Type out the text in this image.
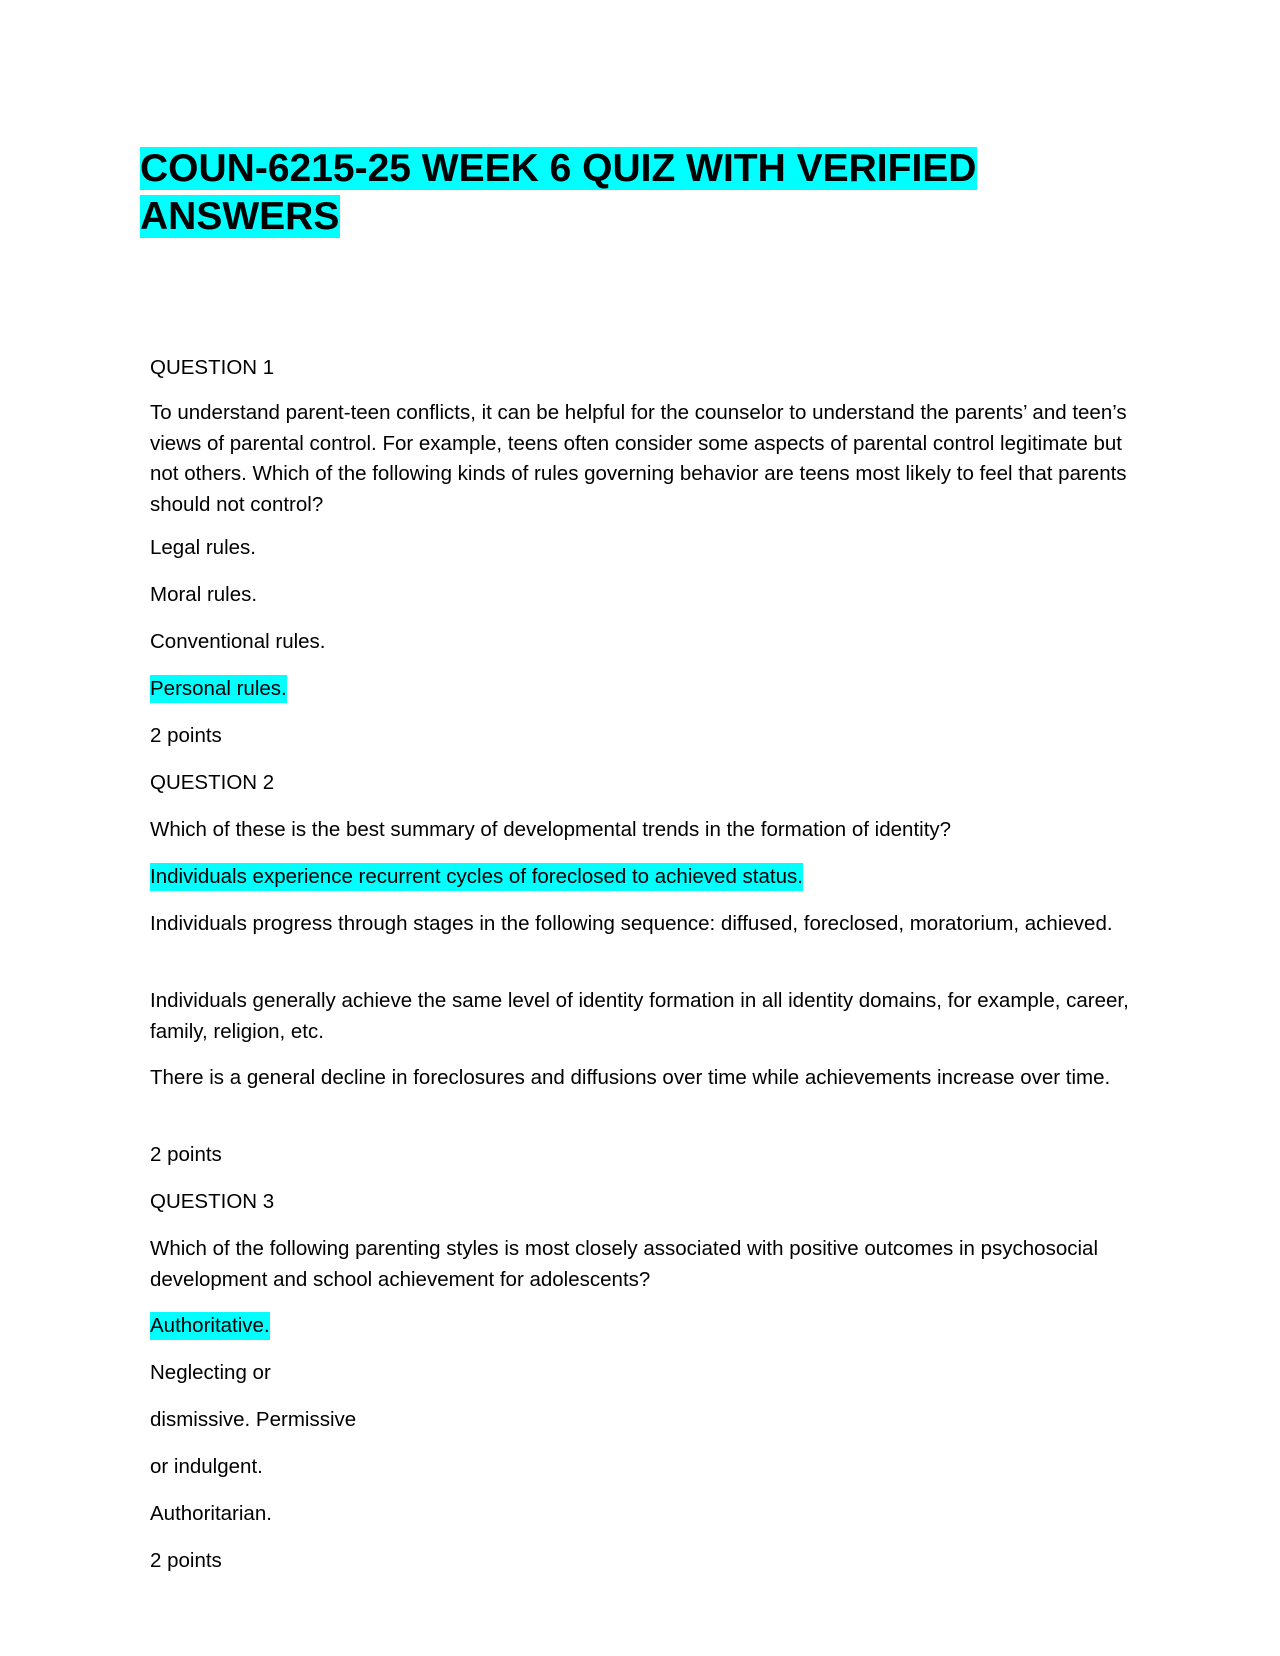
COUN-6215-25 WEEK 6 QUIZ WITH VERIFIED
ANSWERS

QUESTION 1

To understand parent-teen conflicts, it can be helpful for the counselor to understand the parents’ and teen’s views of parental control. For example, teens often consider some aspects of parental control legitimate but not others. Which of the following kinds of rules governing behavior are teens most likely to feel that parents should not control?

Legal rules.

Moral rules.

Conventional rules.

Personal rules.

2 points

QUESTION 2

Which of these is the best summary of developmental trends in the formation of identity?

Individuals experience recurrent cycles of foreclosed to achieved status.

Individuals progress through stages in the following sequence: diffused, foreclosed, moratorium, achieved.

Individuals generally achieve the same level of identity formation in all identity domains, for example, career, family, religion, etc.

There is a general decline in foreclosures and diffusions over time while achievements increase over time.

2 points

QUESTION 3

Which of the following parenting styles is most closely associated with positive outcomes in psychosocial development and school achievement for adolescents?

Authoritative.

Neglecting or

dismissive. Permissive

or indulgent.

Authoritarian.

2 points
